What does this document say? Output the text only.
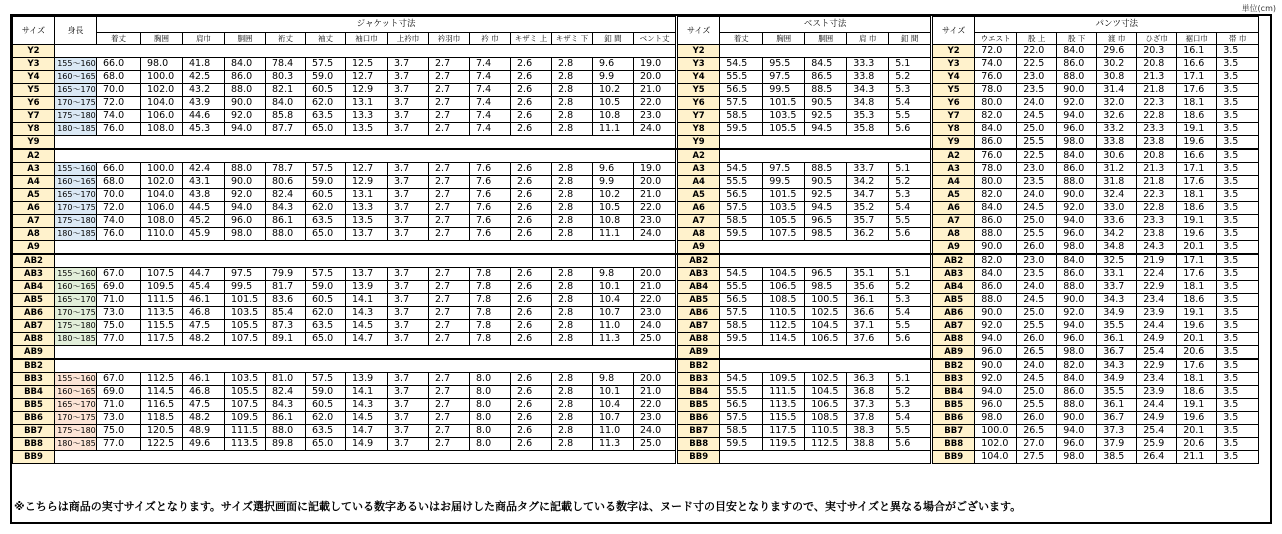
単位(cm)
サイズ	身長	ジャケット寸法															サイズ	ベスト寸法						サイズ	パンツ寸法						
		着丈	胸囲	肩巾	胴囲	裄丈	袖丈	袖口巾	上衿巾	衿羽巾	衿 巾	キザミ 上	キザミ 下	釦 間	ベント丈			着丈	胸囲	胴囲	肩 巾	釦 間			ウエスト	股 上	股 下	渡 巾	ひざ巾	裾口巾	帯 巾
Y2																	Y2							Y2	72.0	22.0	84.0	29.6	20.3	16.1	3.5
Y3	155〜160	66.0	98.0	41.8	84.0	78.4	57.5	12.5	3.7	2.7	7.4	2.6	2.8	9.6	19.0		Y3	54.5	95.5	84.5	33.3	5.1		Y3	74.0	22.5	86.0	30.2	20.8	16.6	3.5
Y4	160〜165	68.0	100.0	42.5	86.0	80.3	59.0	12.7	3.7	2.7	7.4	2.6	2.8	9.9	20.0		Y4	55.5	97.5	86.5	33.8	5.2		Y4	76.0	23.0	88.0	30.8	21.3	17.1	3.5
Y5	165〜170	70.0	102.0	43.2	88.0	82.1	60.5	12.9	3.7	2.7	7.4	2.6	2.8	10.2	21.0		Y5	56.5	99.5	88.5	34.3	5.3		Y5	78.0	23.5	90.0	31.4	21.8	17.6	3.5
Y6	170〜175	72.0	104.0	43.9	90.0	84.0	62.0	13.1	3.7	2.7	7.4	2.6	2.8	10.5	22.0		Y6	57.5	101.5	90.5	34.8	5.4		Y6	80.0	24.0	92.0	32.0	22.3	18.1	3.5
Y7	175〜180	74.0	106.0	44.6	92.0	85.8	63.5	13.3	3.7	2.7	7.4	2.6	2.8	10.8	23.0		Y7	58.5	103.5	92.5	35.3	5.5		Y7	82.0	24.5	94.0	32.6	22.8	18.6	3.5
Y8	180〜185	76.0	108.0	45.3	94.0	87.7	65.0	13.5	3.7	2.7	7.4	2.6	2.8	11.1	24.0		Y8	59.5	105.5	94.5	35.8	5.6		Y8	84.0	25.0	96.0	33.2	23.3	19.1	3.5
Y9																	Y9							Y9	86.0	25.5	98.0	33.8	23.8	19.6	3.5
A2																	A2							A2	76.0	22.5	84.0	30.6	20.8	16.6	3.5
A3	155〜160	66.0	100.0	42.4	88.0	78.7	57.5	12.7	3.7	2.7	7.6	2.6	2.8	9.6	19.0		A3	54.5	97.5	88.5	33.7	5.1		A3	78.0	23.0	86.0	31.2	21.3	17.1	3.5
A4	160〜165	68.0	102.0	43.1	90.0	80.6	59.0	12.9	3.7	2.7	7.6	2.6	2.8	9.9	20.0		A4	55.5	99.5	90.5	34.2	5.2		A4	80.0	23.5	88.0	31.8	21.8	17.6	3.5
A5	165〜170	70.0	104.0	43.8	92.0	82.4	60.5	13.1	3.7	2.7	7.6	2.6	2.8	10.2	21.0		A5	56.5	101.5	92.5	34.7	5.3		A5	82.0	24.0	90.0	32.4	22.3	18.1	3.5
A6	170〜175	72.0	106.0	44.5	94.0	84.3	62.0	13.3	3.7	2.7	7.6	2.6	2.8	10.5	22.0		A6	57.5	103.5	94.5	35.2	5.4		A6	84.0	24.5	92.0	33.0	22.8	18.6	3.5
A7	175〜180	74.0	108.0	45.2	96.0	86.1	63.5	13.5	3.7	2.7	7.6	2.6	2.8	10.8	23.0		A7	58.5	105.5	96.5	35.7	5.5		A7	86.0	25.0	94.0	33.6	23.3	19.1	3.5
A8	180〜185	76.0	110.0	45.9	98.0	88.0	65.0	13.7	3.7	2.7	7.6	2.6	2.8	11.1	24.0		A8	59.5	107.5	98.5	36.2	5.6		A8	88.0	25.5	96.0	34.2	23.8	19.6	3.5
A9																	A9							A9	90.0	26.0	98.0	34.8	24.3	20.1	3.5
AB2																	AB2							AB2	82.0	23.0	84.0	32.5	21.9	17.1	3.5
AB3	155〜160	67.0	107.5	44.7	97.5	79.9	57.5	13.7	3.7	2.7	7.8	2.6	2.8	9.8	20.0		AB3	54.5	104.5	96.5	35.1	5.1		AB3	84.0	23.5	86.0	33.1	22.4	17.6	3.5
AB4	160〜165	69.0	109.5	45.4	99.5	81.7	59.0	13.9	3.7	2.7	7.8	2.6	2.8	10.1	21.0		AB4	55.5	106.5	98.5	35.6	5.2		AB4	86.0	24.0	88.0	33.7	22.9	18.1	3.5
AB5	165〜170	71.0	111.5	46.1	101.5	83.6	60.5	14.1	3.7	2.7	7.8	2.6	2.8	10.4	22.0		AB5	56.5	108.5	100.5	36.1	5.3		AB5	88.0	24.5	90.0	34.3	23.4	18.6	3.5
AB6	170〜175	73.0	113.5	46.8	103.5	85.4	62.0	14.3	3.7	2.7	7.8	2.6	2.8	10.7	23.0		AB6	57.5	110.5	102.5	36.6	5.4		AB6	90.0	25.0	92.0	34.9	23.9	19.1	3.5
AB7	175〜180	75.0	115.5	47.5	105.5	87.3	63.5	14.5	3.7	2.7	7.8	2.6	2.8	11.0	24.0		AB7	58.5	112.5	104.5	37.1	5.5		AB7	92.0	25.5	94.0	35.5	24.4	19.6	3.5
AB8	180〜185	77.0	117.5	48.2	107.5	89.1	65.0	14.7	3.7	2.7	7.8	2.6	2.8	11.3	25.0		AB8	59.5	114.5	106.5	37.6	5.6		AB8	94.0	26.0	96.0	36.1	24.9	20.1	3.5
AB9																	AB9							AB9	96.0	26.5	98.0	36.7	25.4	20.6	3.5
BB2																	BB2							BB2	90.0	24.0	82.0	34.3	22.9	17.6	3.5
BB3	155〜160	67.0	112.5	46.1	103.5	81.0	57.5	13.9	3.7	2.7	8.0	2.6	2.8	9.8	20.0		BB3	54.5	109.5	102.5	36.3	5.1		BB3	92.0	24.5	84.0	34.9	23.4	18.1	3.5
BB4	160〜165	69.0	114.5	46.8	105.5	82.4	59.0	14.1	3.7	2.7	8.0	2.6	2.8	10.1	21.0		BB4	55.5	111.5	104.5	36.8	5.2		BB4	94.0	25.0	86.0	35.5	23.9	18.6	3.5
BB5	165〜170	71.0	116.5	47.5	107.5	84.3	60.5	14.3	3.7	2.7	8.0	2.6	2.8	10.4	22.0		BB5	56.5	113.5	106.5	37.3	5.3		BB5	96.0	25.5	88.0	36.1	24.4	19.1	3.5
BB6	170〜175	73.0	118.5	48.2	109.5	86.1	62.0	14.5	3.7	2.7	8.0	2.6	2.8	10.7	23.0		BB6	57.5	115.5	108.5	37.8	5.4		BB6	98.0	26.0	90.0	36.7	24.9	19.6	3.5
BB7	175〜180	75.0	120.5	48.9	111.5	88.0	63.5	14.7	3.7	2.7	8.0	2.6	2.8	11.0	24.0		BB7	58.5	117.5	110.5	38.3	5.5		BB7	100.0	26.5	94.0	37.3	25.4	20.1	3.5
BB8	180〜185	77.0	122.5	49.6	113.5	89.8	65.0	14.9	3.7	2.7	8.0	2.6	2.8	11.3	25.0		BB8	59.5	119.5	112.5	38.8	5.6		BB8	102.0	27.0	96.0	37.9	25.9	20.6	3.5
BB9																	BB9							BB9	104.0	27.5	98.0	38.5	26.4	21.1	3.5
※こちらは商品の実寸サイズとなります。サイズ選択画面に記載している数字あるいはお届けした商品タグに記載している数字は、ヌード寸の目安となりますので、実寸サイズと異なる場合がございます。
